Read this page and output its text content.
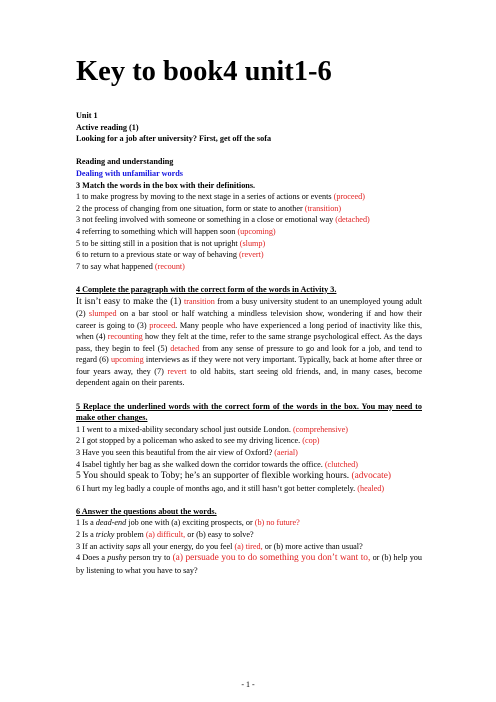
Key to book4 unit1-6

Unit 1

Active reading (1)

Looking for a job after university? First, get off the sofa

Reading and understanding

Dealing with unfamiliar words

3 Match the words in the box with their definitions.

1 to make progress by moving to the next stage in a series of actions or events (proceed)

2 the process of changing from one situation, form or state to another (transition)

3 not feeling involved with someone or something in a close or emotional way (detached)

4 referring to something which will happen soon (upcoming)

5 to be sitting still in a position that is not upright (slump)

6 to return to a previous state or way of behaving (revert)

7 to say what happened (recount)

4 Complete the paragraph with the correct form of the words in Activity 3.

It isn’t easy to make the (1) transition from a busy university student to an unemployed young adult (2) slumped on a bar stool or half watching a mindless television show, wondering if and how their career is going to (3) proceed. Many people who have experienced a long period of inactivity like this, when (4) recounting how they felt at the time, refer to the same strange psychological effect. As the days pass, they begin to feel (5) detached from any sense of pressure to go and look for a job, and tend to regard (6) upcoming interviews as if they were not very important. Typically, back at home after three or four years away, they (7) revert to old habits, start seeing old friends, and, in many cases, become dependent again on their parents.

5 Replace the underlined words with the correct form of the words in the box. You may need to make other changes.

1 I went to a mixed-ability secondary school just outside London. (comprehensive)

2 I got stopped by a policeman who asked to see my driving licence. (cop)

3 Have you seen this beautiful from the air view of Oxford? (aerial)

4 Isabel tightly her bag as she walked down the corridor towards the office. (clutched)

5 You should speak to Toby; he’s an supporter of flexible working hours. (advocate)

6 I hurt my leg badly a couple of months ago, and it still hasn’t got better completely. (healed)

6 Answer the questions about the words.

1 Is a dead-end job one with (a) exciting prospects, or (b) no future?

2 Is a tricky problem (a) difficult, or (b) easy to solve?

3 If an activity saps all your energy, do you feel (a) tired, or (b) more active than usual?

4 Does a pushy person try to (a) persuade you to do something you don’t want to, or (b) help you by listening to what you have to say?

- 1 -
